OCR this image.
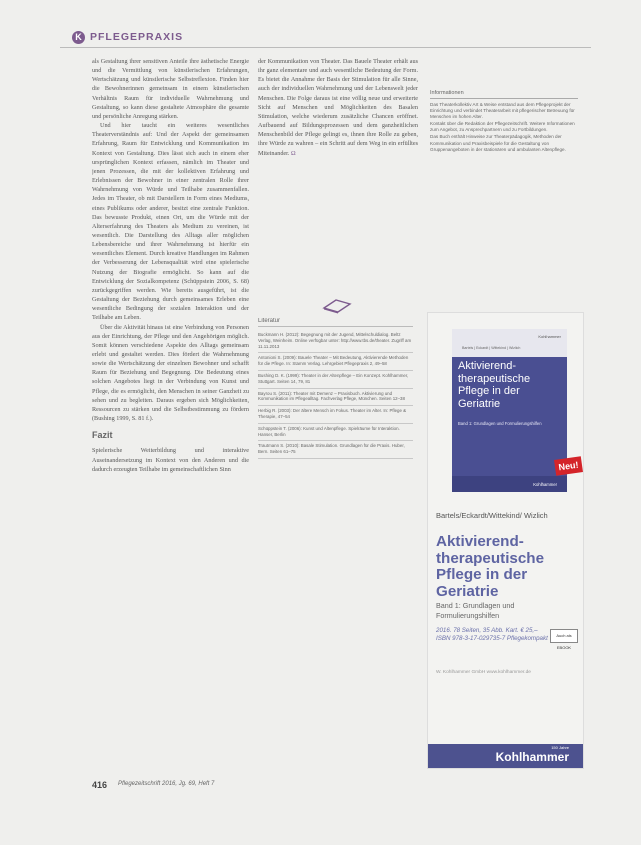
K PFLEGEPRAXIS

als Gestaltung ihrer sensitiven Anteile ihre ästhetische Energie und die Vermittlung von künstlerischen Erfahrungen, Wertschätzung und künstlerische Selbstreflexion. Finden hier die Bewohnerinnen gemeinsam in einem künstlerischen Verhältnis Raum für individuelle Wahrnehmung und Gestaltung, so kann diese gestaltete Atmosphäre die gesamte und persönliche Anregung stärken.

Und hier taucht ein weiteres wesentliches Theaterverständnis auf: Und der Aspekt der gemeinsamen Erfahrung, Raum für Entwicklung und Kommunikation im Kontext von Gestaltung. Dies lässt sich auch in einem eher ursprünglichen Kontext erfassen, nämlich im Theater und jenen Prozessen, die mit der kollektiven Erfahrung und Erlebnissen der Bewohner in einer zentralen Rolle ihrer Wahrnehmung von Würde und Teilhabe zusammenfallen. Jedes im Theater, ob mit Darstellern in Form eines Mediums, eines Publikums oder anderer, besitzt eine zentrale Funktion. Das bewusste Produkt, einen Ort, um die Würde mit der Alterserfahrung des Theaters als Medium zu vereinen, ist wesentlich. Die Darstellung des Alltags aller möglichen Lebensbereiche und ihrer Wahrnehmung ist hierfür ein wesentliches Element. Durch kreative Handlungen im Rahmen der Verbesserung der Lebensqualität wird eine spielerische Nutzung der Biografie ermöglicht. So kann auf die Entwicklung der Sozialkompetenz (Schüppstein 2006, S. 68) zurückgegriffen werden. Wie bereits ausgeführt, ist die Gestaltung der Beziehung durch gemeinsames Erleben eine wesentliche Bedingung der sozialen Interaktion und der Teilhabe am Leben.

Über die Aktivität hinaus ist eine Verbindung von Personen aus der Einrichtung, der Pflege und den Angehörigen möglich. Somit können verschiedene Aspekte des Alltags gemeinsam erlebt und gestaltet werden. Dies fördert die Wahrnehmung sowie die Wertschätzung der einzelnen Bewohner und schafft Raum für Beziehung und Begegnung. Die Bedeutung eines solchen Angebotes liegt in der Verbindung von Kunst und Pflege, die es ermöglicht, den Menschen in seiner Ganzheit zu sehen und zu begleiten. Daraus ergeben sich Möglichkeiten, Ressourcen zu stärken und die Selbstbestimmung zu fördern (Bushing 1999, S. 81 f.).

Fazit

Spielerische Weiterbildung und interaktive Auseinandersetzung im Kontext von den Anderen und die dadurch erzeugten Teilhabe im gemeinschaftlichen Sinn

der Kommunikation von Theater. Das Bauele Theater erhält aus ihr ganz elementare und auch wesentliche Bedeutung der Form. Es bietet die Annahme der Basis der Stimulation für alle Sinne, auch der individuellen Wahrnehmung und der Lebenswelt jeder Menschen. Die Folge daraus ist eine völlig neue und erweiterte Sicht auf Menschen und Möglichkeiten des Basalen Stimulation, welche wiederum zusätzliche Chancen eröffnet. Aufbauend auf Bildungsprozessen und dem ganzheitlichen Menschenbild der Pflege gelingt es, ihnen ihre Rolle zu geben, ihre Würde zu wahren – ein Schritt auf dem Weg in ein erfülltes Miteinander. Ω

Literatur
Buckmann H. (2012): Begegnung mit der Jugend, Mittelschuldialog. Beltz Verlag, Weinheim. Online verfügbar unter: http://www.tbs.de/theater. Zugriff am 11.11.2013
Antonioni S. (2009): Bauele Theater – Mit Bedeutung, Aktivierende Methoden für die Pflege. In: Stamm Verlag. Lehrgebiet Pflegepraxis 2, 49–58
Bushing D. K. (1999): Theater in der Altenpflege – Ein Konzept. Kohlhammer, Stuttgart. Seiten 14, 79, 81
Bayrou S. (2011): Theater mit Demenz – Praxisbuch. Aktivierung und Kommunikation im Pflegealltag. Fachverlag Pflege, München. Seiten 12–38
Herbig R. (2003): Der ältere Mensch im Fokus. Theater im Alter. In: Pflege & Therapie, 47–54
Schüppstein T. (2006): Kunst und Altenpflege. Spielräume für Interaktion. Hanser, Berlin
Trautmann S. (2010): Basale Stimulation. Grundlagen für die Praxis. Huber, Bern. Seiten 61–75
Informationen

Das Theaterkollektiv Art & Weise entstand aus dem Pflegeprojekt der Einrichtung und verbindet Theaterarbeit mit pflegerischer Betreuung für Menschen im hohen Alter.

Kontakt über die Redaktion der Pflegezeitschrift. Weitere Informationen zum Angebot, zu Ansprechpartnern und zu Fortbildungen.

Das Buch enthält Hinweise zur Theaterpädagogik, Methoden der Kommunikation und Praxisbeispiele für die Gestaltung von Gruppenangeboten in der stationären und ambulanten Altenpflege.

Kohlhammer
Bartels | Eckardt | Wittekind | Wizlich
Aktivierend-therapeutische Pflege in der Geriatrie
Band 1: Grundlagen und Formulierungshilfen
Kohlhammer
Neu!
Bartels/Eckardt/Wittekind/ Wizlich
Aktivierend-therapeutische Pflege in der Geriatrie
Band 1: Grundlagen und Formulierungshilfen
2016. 78 Seiten, 35 Abb. Kart. € 25,– ISBN 978-3-17-029735-7 Pflegekompakt	Auch als EBOOK
W. Kohlhammer GmbH www.kohlhammer.de
150 Jahre
Kohlhammer
416 Pflegezeitschrift 2016, Jg. 69, Heft 7
